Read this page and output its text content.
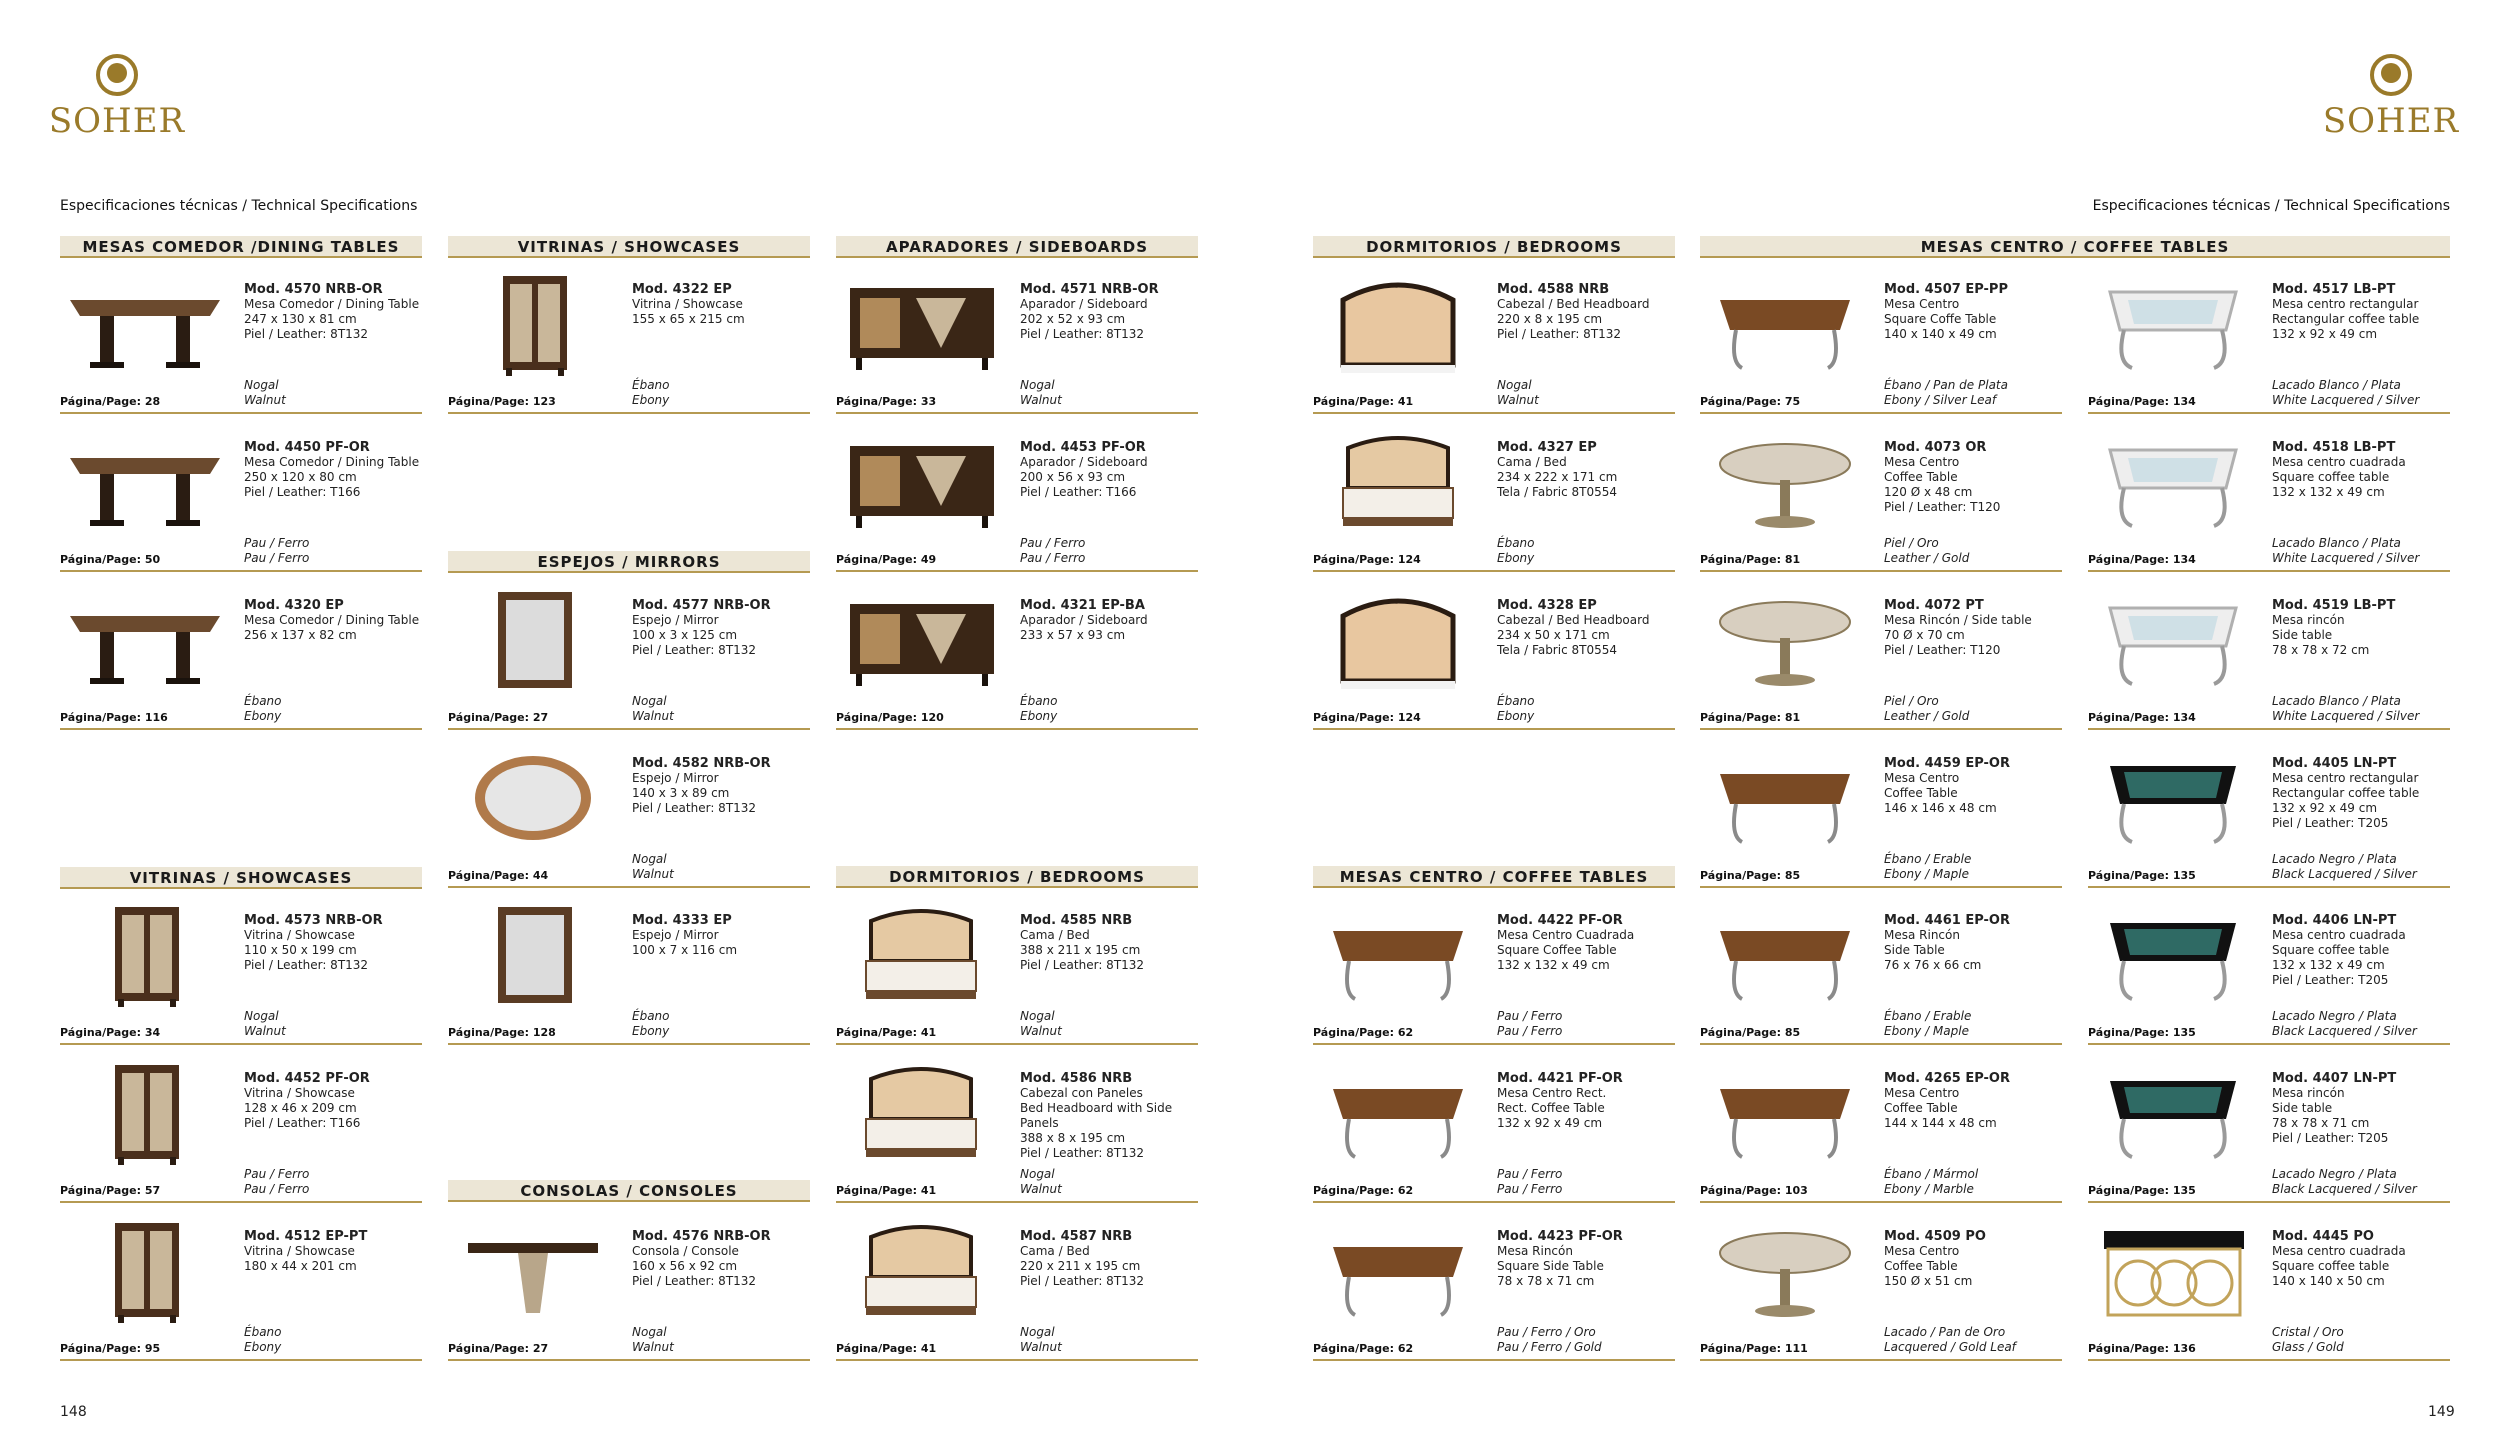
SOHER	SOHER
Especificaciones técnicas / Technical Specifications	Especificaciones técnicas / Technical Specifications
MESAS COMEDOR /DINING TABLES	VITRINAS / SHOWCASES	APARADORES / SIDEBOARDS
ESPEJOS / MIRRORS
VITRINAS / SHOWCASES	DORMITORIOS / BEDROOMS
CONSOLAS / CONSOLES
DORMITORIOS / BEDROOMS
MESAS CENTRO / COFFEE TABLES
MESAS CENTRO / COFFEE TABLES
Mod. 4570 NRB-OR
Mesa Comedor / Dining Table
247 x 130 x 81 cm
Piel / Leather: 8T132
Nogal
Walnut
Página/Page: 28
Mod. 4450 PF-OR
Mesa Comedor / Dining Table
250 x 120 x 80 cm
Piel / Leather: T166
Pau / Ferro
Pau / Ferro
Página/Page: 50
Mod. 4320 EP
Mesa Comedor / Dining Table
256 x 137 x 82 cm
Ébano
Ebony
Página/Page: 116
Mod. 4573 NRB-OR
Vitrina / Showcase
110 x 50 x 199 cm
Piel / Leather: 8T132
Nogal
Walnut
Página/Page: 34
Mod. 4452 PF-OR
Vitrina / Showcase
128 x 46 x 209 cm
Piel / Leather: T166
Pau / Ferro
Pau / Ferro
Página/Page: 57
Mod. 4512 EP-PT
Vitrina / Showcase
180 x 44 x 201 cm
Ébano
Ebony
Página/Page: 95
Mod. 4322 EP
Vitrina / Showcase
155 x 65 x 215 cm
Ébano
Ebony
Página/Page: 123
Mod. 4577 NRB-OR
Espejo / Mirror
100 x 3 x 125 cm
Piel / Leather: 8T132
Nogal
Walnut
Página/Page: 27
Mod. 4582 NRB-OR
Espejo / Mirror
140 x 3 x 89 cm
Piel / Leather: 8T132
Nogal
Walnut
Página/Page: 44
Mod. 4333 EP
Espejo / Mirror
100 x 7 x 116 cm
Ébano
Ebony
Página/Page: 128
Mod. 4576 NRB-OR
Consola / Console
160 x 56 x 92 cm
Piel / Leather: 8T132
Nogal
Walnut
Página/Page: 27
Mod. 4571 NRB-OR
Aparador / Sideboard
202 x 52 x 93 cm
Piel / Leather: 8T132
Nogal
Walnut
Página/Page: 33
Mod. 4453 PF-OR
Aparador / Sideboard
200 x 56 x 93 cm
Piel / Leather: T166
Pau / Ferro
Pau / Ferro
Página/Page: 49
Mod. 4321 EP-BA
Aparador / Sideboard
233 x 57 x 93 cm
Ébano
Ebony
Página/Page: 120
Mod. 4585 NRB
Cama / Bed
388 x 211 x 195 cm
Piel / Leather: 8T132
Nogal
Walnut
Página/Page: 41
Mod. 4586 NRB
Cabezal con Paneles
Bed Headboard with Side Panels
388 x 8 x 195 cm
Piel / Leather: 8T132
Nogal
Walnut
Página/Page: 41
Mod. 4587 NRB
Cama / Bed
220 x 211 x 195 cm
Piel / Leather: 8T132
Nogal
Walnut
Página/Page: 41
Mod. 4588 NRB
Cabezal / Bed Headboard
220 x 8 x 195 cm
Piel / Leather: 8T132
Nogal
Walnut
Página/Page: 41
Mod. 4327 EP
Cama / Bed
234 x 222 x 171 cm
Tela / Fabric 8T0554
Ébano
Ebony
Página/Page: 124
Mod. 4328 EP
Cabezal / Bed Headboard
234 x 50 x 171 cm
Tela / Fabric 8T0554
Ébano
Ebony
Página/Page: 124
Mod. 4422 PF-OR
Mesa Centro Cuadrada
Square Coffee Table
132 x 132 x 49 cm
Pau / Ferro
Pau / Ferro
Página/Page: 62
Mod. 4421 PF-OR
Mesa Centro Rect.
Rect. Coffee Table
132 x 92 x 49 cm
Pau / Ferro
Pau / Ferro
Página/Page: 62
Mod. 4423 PF-OR
Mesa Rincón
Square Side Table
78 x 78 x 71 cm
Pau / Ferro / Oro
Pau / Ferro / Gold
Página/Page: 62
Mod. 4507 EP-PP
Mesa Centro
Square Coffe Table
140 x 140 x 49 cm
Ébano / Pan de Plata
Ebony / Silver Leaf
Página/Page: 75
Mod. 4073 OR
Mesa Centro
Coffee Table
120 Ø x 48 cm
Piel / Leather: T120
Piel / Oro
Leather / Gold
Página/Page: 81
Mod. 4072 PT
Mesa Rincón / Side table
70 Ø x 70 cm
Piel / Leather: T120
Piel / Oro
Leather / Gold
Página/Page: 81
Mod. 4459 EP-OR
Mesa Centro
Coffee Table
146 x 146 x 48 cm
Ébano / Erable
Ebony / Maple
Página/Page: 85
Mod. 4461 EP-OR
Mesa Rincón
Side Table
76 x 76 x 66 cm
Ébano / Erable
Ebony / Maple
Página/Page: 85
Mod. 4265 EP-OR
Mesa Centro
Coffee Table
144 x 144 x 48 cm
Ébano / Mármol
Ebony / Marble
Página/Page: 103
Mod. 4509 PO
Mesa Centro
Coffee Table
150 Ø x 51 cm
Lacado / Pan de Oro
Lacquered / Gold Leaf
Página/Page: 111
Mod. 4517 LB-PT
Mesa centro rectangular
Rectangular coffee table
132 x 92 x 49 cm
Lacado Blanco / Plata
White Lacquered / Silver
Página/Page: 134
Mod. 4518 LB-PT
Mesa centro cuadrada
Square coffee table
132 x 132 x 49 cm
Lacado Blanco / Plata
White Lacquered / Silver
Página/Page: 134
Mod. 4519 LB-PT
Mesa rincón
Side table
78 x 78 x 72 cm
Lacado Blanco / Plata
White Lacquered / Silver
Página/Page: 134
Mod. 4405 LN-PT
Mesa centro rectangular
Rectangular coffee table
132 x 92 x 49 cm
Piel / Leather: T205
Lacado Negro / Plata
Black Lacquered / Silver
Página/Page: 135
Mod. 4406 LN-PT
Mesa centro cuadrada
Square coffee table
132 x 132 x 49 cm
Piel / Leather: T205
Lacado Negro / Plata
Black Lacquered / Silver
Página/Page: 135
Mod. 4407 LN-PT
Mesa rincón
Side table
78 x 78 x 71 cm
Piel / Leather: T205
Lacado Negro / Plata
Black Lacquered / Silver
Página/Page: 135
Mod. 4445 PO
Mesa centro cuadrada
Square coffee table
140 x 140 x 50 cm
Cristal / Oro
Glass / Gold
Página/Page: 136
148	149
